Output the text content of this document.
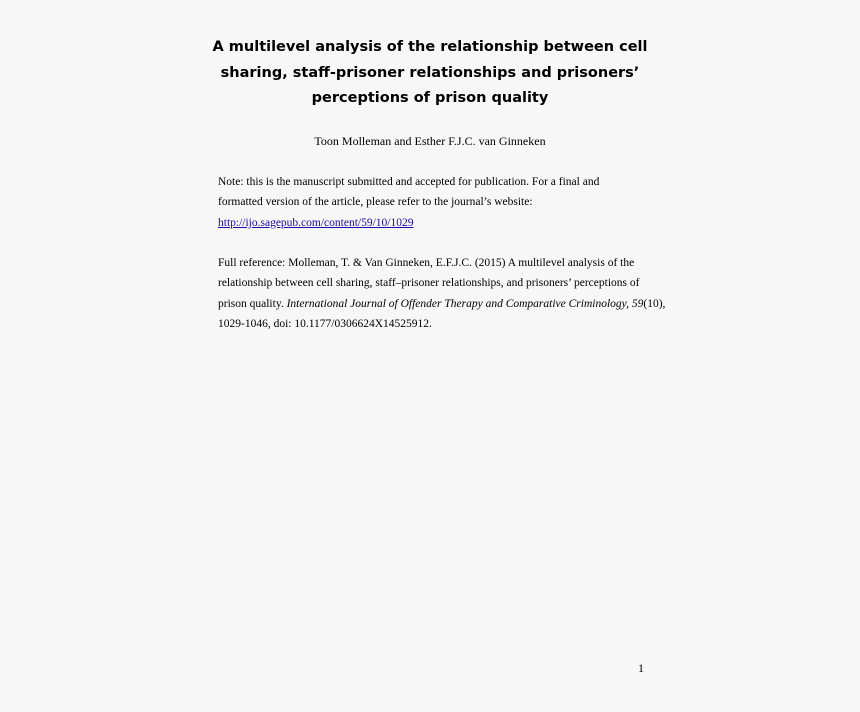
A multilevel analysis of the relationship between cell
sharing, staff-prisoner relationships and prisoners’
perceptions of prison quality
Toon Molleman and Esther F.J.C. van Ginneken
Note: this is the manuscript submitted and accepted for publication. For a final and
formatted version of the article, please refer to the journal’s website:
http://ijo.sagepub.com/content/59/10/1029
Full reference: Molleman, T. & Van Ginneken, E.F.J.C. (2015) A multilevel analysis of the
relationship between cell sharing, staff–prisoner relationships, and prisoners’ perceptions of
prison quality. International Journal of Offender Therapy and Comparative Criminology, 59(10),
1029-1046, doi: 10.1177/0306624X14525912.
1
